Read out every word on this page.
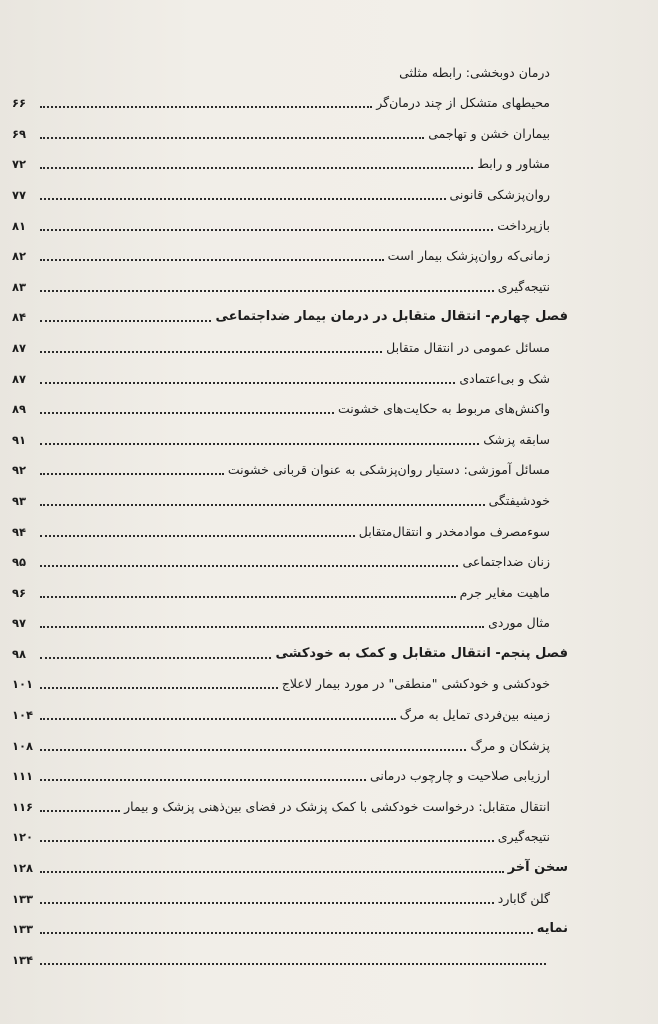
درمان دوبخشی: رابطه مثلثی
محیطهای متشکل از چند درمان‌گر
۶۶
بیماران خشن و تهاجمی
۶۹
مشاور و رابط
۷۲
روان‌پزشکی قانونی
۷۷
بازپرداخت
۸۱
زمانی‌که روان‌پزشک بیمار است
۸۲
نتیجه‌گیری
۸۳
فصل چهارم- انتقال متقابل در درمان بیمار ضداجتماعی
۸۴
مسائل عمومی در انتقال متقابل
۸۷
شک و بی‌اعتمادی
۸۷
واکنش‌های مربوط به حکایت‌های خشونت
۸۹
سابقه پزشک
۹۱
مسائل آموزشی: دستیار روان‌پزشکی به عنوان قربانی خشونت
۹۲
خودشیفتگی
۹۳
سوءمصرف موادمخدر و انتقال‌متقابل
۹۴
زنان ضداجتماعی
۹۵
ماهیت مغایر جرم
۹۶
مثال موردی
۹۷
فصل پنجم- انتقال متقابل و کمک به خودکشی
۹۸
خودکشی و خودکشی "منطقی" در مورد بیمار لاعلاج
۱۰۱
زمینه بین‌فردی تمایل به مرگ
۱۰۴
پزشکان و مرگ
۱۰۸
ارزیابی صلاحیت و چارچوب درمانی
۱۱۱
انتقال متقابل: درخواست خودکشی با کمک پزشک در فضای بین‌ذهنی پزشک و بیمار
۱۱۶
نتیجه‌گیری
۱۲۰
سخن آخر
۱۲۸
گلن گابارد
۱۳۳
نمایه
۱۳۳
۱۳۴
